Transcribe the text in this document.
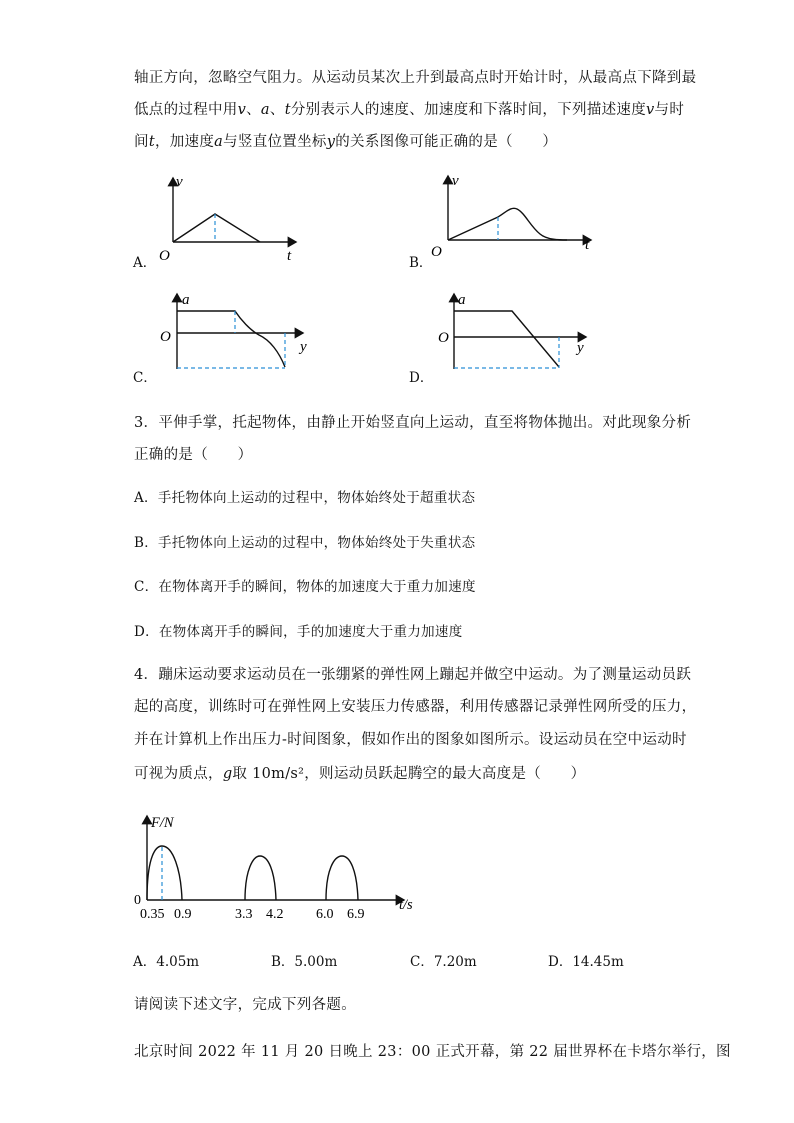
轴正方向，忽略空气阻力。从运动员某次上升到最高点时开始计时，从最高点下降到最
低点的过程中用v、a、t分别表示人的速度、加速度和下落时间，下列描述速度v与时
间t，加速度a与竖直位置坐标y的关系图像可能正确的是（　　）
A．
v
t
O	B．
v
t
O
C．
a
y
O
D．
a
y
O
3．平伸手掌，托起物体，由静止开始竖直向上运动，直至将物体抛出。对此现象分析
正确的是（　　）
A．手托物体向上运动的过程中，物体始终处于超重状态
B．手托物体向上运动的过程中，物体始终处于失重状态
C．在物体离开手的瞬间，物体的加速度大于重力加速度
D．在物体离开手的瞬间，手的加速度大于重力加速度
4．蹦床运动要求运动员在一张绷紧的弹性网上蹦起并做空中运动。为了测量运动员跃
起的高度，训练时可在弹性网上安装压力传感器，利用传感器记录弹性网所受的压力，
并在计算机上作出压力-时间图象，假如作出的图象如图所示。设运动员在空中运动时
可视为质点，g取 10m/s²，则运动员跃起腾空的最大高度是（　　）
F/N
t/s
0
0.35 0.9	3.3 4.2 6.0 6.9
A．4.05m	B．5.00m	C．7.20m	D．14.45m
请阅读下述文字，完成下列各题。
北京时间 2022 年 11 月 20 日晚上 23：00 正式开幕，第 22 届世界杯在卡塔尔举行，图
